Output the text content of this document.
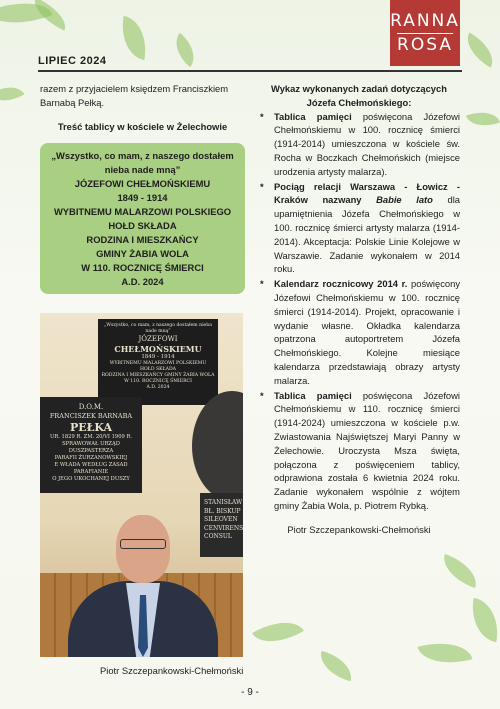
LIPIEC 2024
RANNA
ROSA
razem z przyjacielem księdzem Franciszkiem Barnabą Pełką.
Treść tablicy w kościele w Żelechowie
„Wszystko, co mam, z naszego dostałem
nieba nade mną”
JÓZEFOWI CHEŁMOŃSKIEMU
1849 - 1914
WYBITNEMU MALARZOWI POLSKIEGO
HOŁD SKŁADA
RODZINA I MIESZKAŃCY
GMINY ŻABIA WOLA
W 110. ROCZNICĘ ŚMIERCI
A.D. 2024
„Wszystko, co mam, z naszego dostałem nieba nade mną”
JÓZEFOWI
CHEŁMOŃSKIEMU
1849 - 1914
WYBITNEMU MALARZOWI POLSKIEMU
HOŁD SKŁADA
RODZINA I MIESZKAŃCY GMINY ŻABIA WOLA
W 110. ROCZNICĘ ŚMIERCI
A.D. 2024
D.O.M.
FRANCISZEK BARNABA
PEŁKA
UR. 1829 R. ZM. 20/VI 1909 R.
SPRAWOWAŁ URZĄD DUSZPASTERZA
PARAFII ŻURZANOWSKIEJ
E WŁADA WEDŁUG ZASAD PARAFIANIE
O JEGO UKOCHANEJ DUSZY
STANISŁAW
BŁ. BISKUP
SILEOVEN
CENVIRENS
CONSUL
Piotr Szczepankowski-Chełmoński
Wykaz wykonanych zadań dotyczących Józefa Chełmońskiego:
* Tablica pamięci poświęcona Józefowi Chełmońskiemu w 100. rocznicę śmierci (1914-2014) umieszczona w kościele św. Rocha w Boczkach Chełmońskich (miejsce urodzenia artysty malarza).
* Pociąg relacji Warszawa - Łowicz - Kraków nazwany Babie lato dla upamiętnienia Józefa Chełmońskiego w 100. rocznicę śmierci artysty malarza (1914-2014). Akceptacja: Polskie Linie Kolejowe w Warszawie. Zadanie wykonałem w 2014 roku.
* Kalendarz rocznicowy 2014 r. poświęcony Józefowi Chełmońskiemu w 100. rocznicę śmierci (1914-2014). Projekt, opracowanie i wydanie własne. Okładka kalendarza opatrzona autoportretem Józefa Chełmońskiego. Kolejne miesiące kalendarza przedstawiają obrazy artysty malarza.
* Tablica pamięci poświęcona Józefowi Chełmońskiemu w 110. rocznicę śmierci (1914-2024) umieszczona w kościele p.w. Zwiastowania Najświętszej Maryi Panny w Żelechowie. Uroczysta Msza święta, połączona z poświęceniem tablicy, odprawiona została 6 kwietnia 2024 roku. Zadanie wykonałem wspólnie z wójtem gminy Żabia Wola, p. Piotrem Rybką.
Piotr Szczepankowski-Chełmoński
- 9 -
